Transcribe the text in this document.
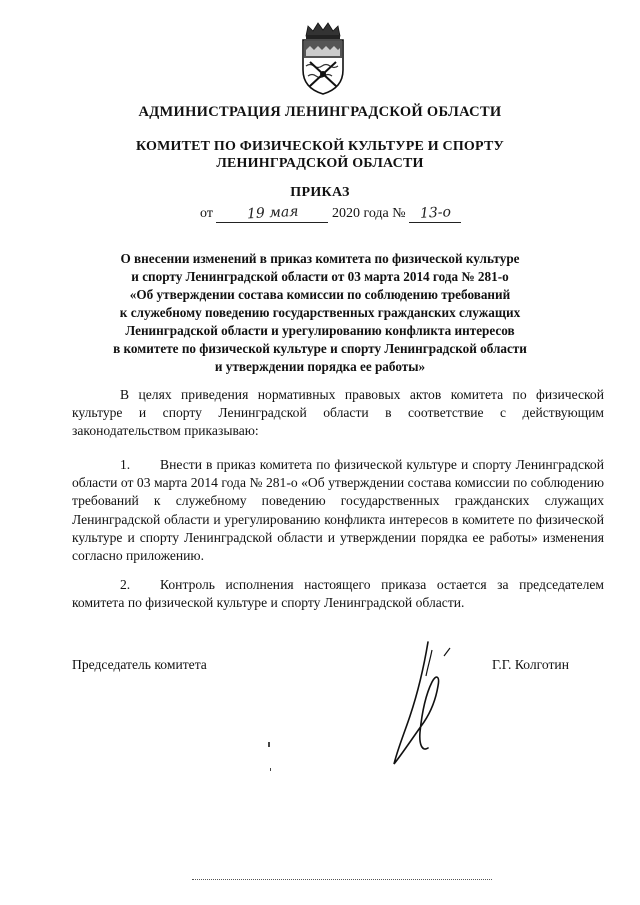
АДМИНИСТРАЦИЯ ЛЕНИНГРАДСКОЙ ОБЛАСТИ
КОМИТЕТ ПО ФИЗИЧЕСКОЙ КУЛЬТУРЕ И СПОРТУ
ЛЕНИНГРАДСКОЙ ОБЛАСТИ
ПРИКАЗ
от 19 мая 2020 года № 13-о
О внесении изменений в приказ комитета по физической культуре
и спорту Ленинградской области от 03 марта 2014 года № 281-о
«Об утверждении состава комиссии по соблюдению требований
к служебному поведению государственных гражданских служащих
Ленинградской области и урегулированию конфликта интересов
в комитете по физической культуре и спорту Ленинградской области
и утверждении порядка ее работы»
В целях приведения нормативных правовых актов комитета по физической культуре и спорту Ленинградской области в соответствие с действующим законодательством приказываю:
1. Внести в приказ комитета по физической культуре и спорту Ленинградской области от 03 марта 2014 года № 281-о «Об утверждении состава комиссии по соблюдению требований к служебному поведению государственных гражданских служащих Ленинградской области и урегулированию конфликта интересов в комитете по физической культуре и спорту Ленинградской области и утверждении порядка ее работы» изменения согласно приложению.
2. Контроль исполнения настоящего приказа остается за председателем комитета по физической культуре и спорту Ленинградской области.
Председатель комитета	Г.Г. Колготин
